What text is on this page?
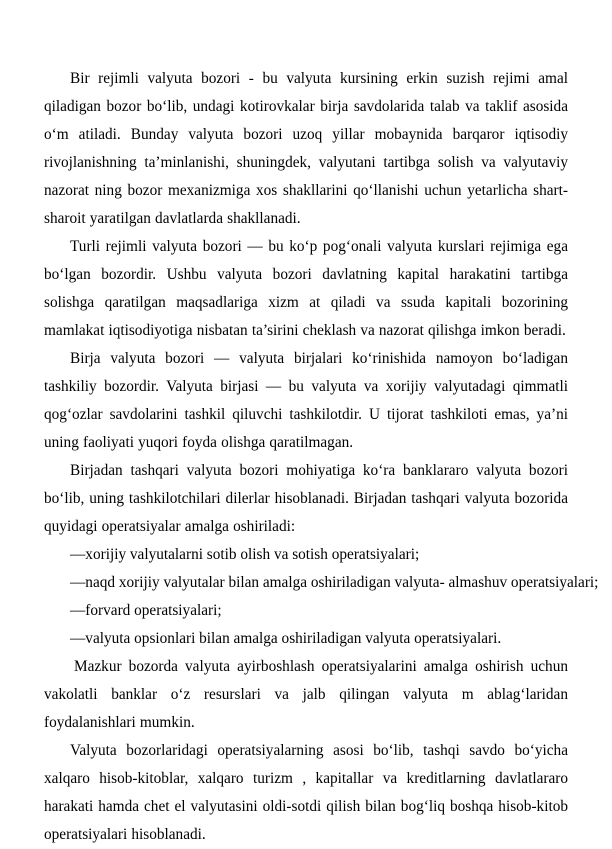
Bir rejimli valyuta bozori - bu valyuta kursining erkin suzish rejimi amal qiladigan bozor boʻlib, undagi kotirovkalar birja savdolarida talab va taklif asosida oʻm atiladi. Bunday valyuta bozori uzoq yillar mobaynida barqaror iqtisodiy rivojlanishning ta’minlanishi, shuningdek, valyutani tartibga solish va valyutaviy nazorat ning bozor mexanizmiga xos shakllarini qoʻllanishi uchun yetarlicha shart-sharoit yaratilgan davlatlarda shakllanadi.

Turli rejimli valyuta bozori — bu koʻp pogʻonali valyuta kurslari rejimiga ega boʻlgan bozordir. Ushbu valyuta bozori davlatning kapital harakatini tartibga solishga qaratilgan maqsadlariga xizm at qiladi va ssuda kapitali bozorining mamlakat iqtisodiyotiga nisbatan ta’sirini cheklash va nazorat qilishga imkon beradi.

Birja valyuta bozori — valyuta birjalari koʻrinishida namoyon boʻladigan tashkiliy bozordir. Valyuta birjasi — bu valyuta va xorijiy valyutadagi qimmatli qogʻozlar savdolarini tashkil qiluvchi tashkilotdir. U tijorat tashkiloti emas, ya’ni uning faoliyati yuqori foyda olishga qaratilmagan.

Birjadan tashqari valyuta bozori mohiyatiga koʻra banklararo valyuta bozori boʻlib, uning tashkilotchilari dilerlar hisoblanadi. Birjadan tashqari valyuta bozorida quyidagi operatsiyalar amalga oshiriladi:

—xorijiy valyutalarni sotib olish va sotish operatsiyalari;

—naqd xorijiy valyutalar bilan amalga oshiriladigan valyuta- almashuv operatsiyalari;

—forvard operatsiyalari;

—valyuta opsionlari bilan amalga oshiriladigan valyuta operatsiyalari.

Mazkur bozorda valyuta ayirboshlash operatsiyalarini amalga oshirish uchun vakolatli banklar oʻz resurslari va jalb qilingan valyuta m ablagʻlaridan foydalanishlari mumkin.

Valyuta bozorlaridagi operatsiyalarning asosi boʻlib, tashqi savdo boʻyicha xalqaro hisob-kitoblar, xalqaro turizm , kapitallar va kreditlarning davlatlararo harakati hamda chet el valyutasini oldi-sotdi qilish bilan bogʻliq boshqa hisob-kitob operatsiyalari hisoblanadi.
